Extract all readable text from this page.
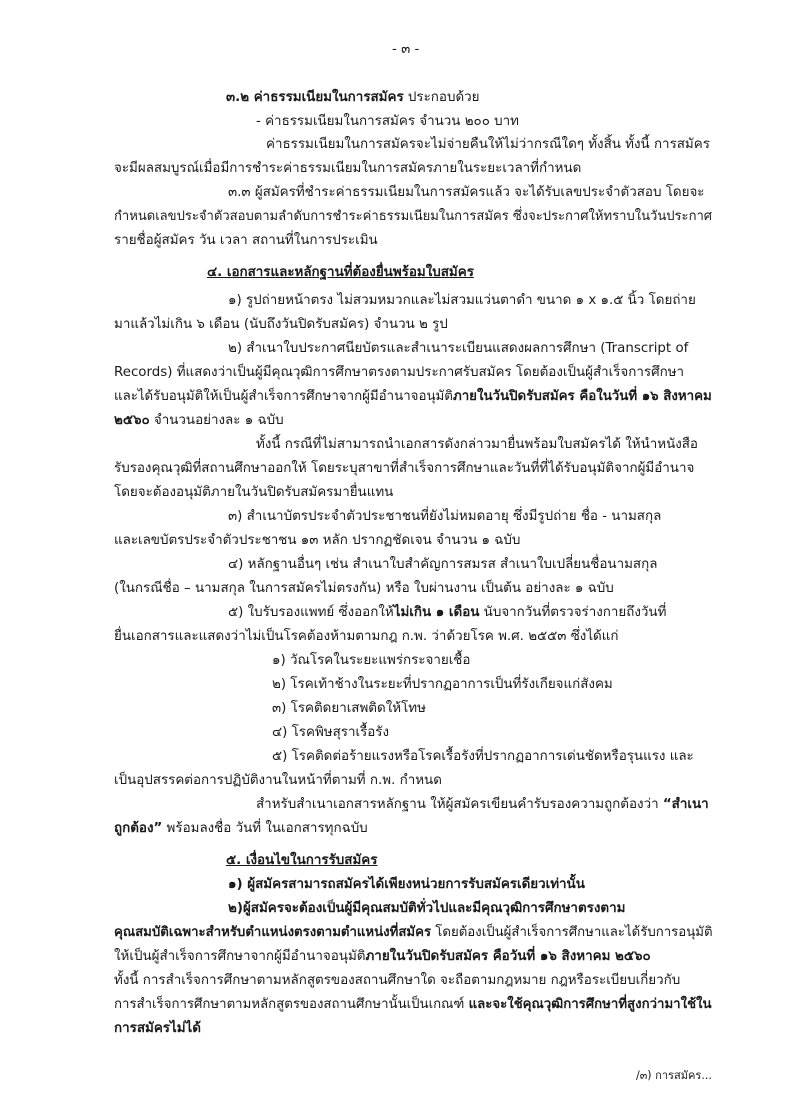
- ๓ -
๓.๒ ค่าธรรมเนียมในการสมัคร ประกอบด้วย
- ค่าธรรมเนียมในการสมัคร จำนวน ๒๐๐ บาท
ค่าธรรมเนียมในการสมัครจะไม่จ่ายคืนให้ไม่ว่ากรณีใดๆ ทั้งสิ้น ทั้งนี้ การสมัคร
จะมีผลสมบูรณ์เมื่อมีการชำระค่าธรรมเนียมในการสมัครภายในระยะเวลาที่กำหนด
๓.๓ ผู้สมัครที่ชำระค่าธรรมเนียมในการสมัครแล้ว จะได้รับเลขประจำตัวสอบ โดยจะ
กำหนดเลขประจำตัวสอบตามลำดับการชำระค่าธรรมเนียมในการสมัคร ซึ่งจะประกาศให้ทราบในวันประกาศ
รายชื่อผู้สมัคร วัน เวลา สถานที่ในการประเมิน
๔. เอกสารและหลักฐานที่ต้องยื่นพร้อมใบสมัคร
๑) รูปถ่ายหน้าตรง ไม่สวมหมวกและไม่สวมแว่นตาดำ ขนาด ๑ x ๑.๕ นิ้ว โดยถ่าย
มาแล้วไม่เกิน ๖ เดือน (นับถึงวันปิดรับสมัคร) จำนวน ๒ รูป
๒) สำเนาใบประกาศนียบัตรและสำเนาระเบียนแสดงผลการศึกษา (Transcript of
Records) ที่แสดงว่าเป็นผู้มีคุณวุฒิการศึกษาตรงตามประกาศรับสมัคร โดยต้องเป็นผู้สำเร็จการศึกษา
และได้รับอนุมัติให้เป็นผู้สำเร็จการศึกษาจากผู้มีอำนาจอนุมัติภายในวันปิดรับสมัคร คือในวันที่ ๑๖ สิงหาคม
๒๕๖๐ จำนวนอย่างละ ๑ ฉบับ
ทั้งนี้ กรณีที่ไม่สามารถนำเอกสารดังกล่าวมายื่นพร้อมใบสมัครได้ ให้นำหนังสือ
รับรองคุณวุฒิที่สถานศึกษาออกให้ โดยระบุสาขาที่สำเร็จการศึกษาและวันที่ที่ได้รับอนุมัติจากผู้มีอำนาจ
โดยจะต้องอนุมัติภายในวันปิดรับสมัครมายื่นแทน
๓) สำเนาบัตรประจำตัวประชาชนที่ยังไม่หมดอายุ ซึ่งมีรูปถ่าย ชื่อ - นามสกุล
และเลขบัตรประจำตัวประชาชน ๑๓ หลัก ปรากฏชัดเจน จำนวน ๑ ฉบับ
๔) หลักฐานอื่นๆ เช่น สำเนาใบสำคัญการสมรส สำเนาใบเปลี่ยนชื่อนามสกุล
(ในกรณีชื่อ – นามสกุล ในการสมัครไม่ตรงกัน) หรือ ใบผ่านงาน เป็นต้น อย่างละ ๑ ฉบับ
๕) ใบรับรองแพทย์ ซึ่งออกให้ไม่เกิน ๑ เดือน นับจากวันที่ตรวจร่างกายถึงวันที่
ยื่นเอกสารและแสดงว่าไม่เป็นโรคต้องห้ามตามกฎ ก.พ. ว่าด้วยโรค พ.ศ. ๒๕๕๓ ซึ่งได้แก่
๑) วัณโรคในระยะแพร่กระจายเชื้อ
๒) โรคเท้าช้างในระยะที่ปรากฏอาการเป็นที่รังเกียจแก่สังคม
๓) โรคติดยาเสพติดให้โทษ
๔) โรคพิษสุราเรื้อรัง
๕) โรคติดต่อร้ายแรงหรือโรคเรื้อรังที่ปรากฏอาการเด่นชัดหรือรุนแรง และ
เป็นอุปสรรคต่อการปฏิบัติงานในหน้าที่ตามที่ ก.พ. กำหนด
สำหรับสำเนาเอกสารหลักฐาน ให้ผู้สมัครเขียนคำรับรองความถูกต้องว่า “สำเนา
ถูกต้อง” พร้อมลงชื่อ วันที่ ในเอกสารทุกฉบับ
๕. เงื่อนไขในการรับสมัคร
๑) ผู้สมัครสามารถสมัครได้เพียงหน่วยการรับสมัครเดียวเท่านั้น
๒)ผู้สมัครจะต้องเป็นผู้มีคุณสมบัติทั่วไปและมีคุณวุฒิการศึกษาตรงตาม
คุณสมบัติเฉพาะสำหรับตำแหน่งตรงตามตำแหน่งที่สมัคร โดยต้องเป็นผู้สำเร็จการศึกษาและได้รับการอนุมัติ
ให้เป็นผู้สำเร็จการศึกษาจากผู้มีอำนาจอนุมัติภายในวันปิดรับสมัคร คือวันที่ ๑๖ สิงหาคม ๒๕๖๐
ทั้งนี้ การสำเร็จการศึกษาตามหลักสูตรของสถานศึกษาใด จะถือตามกฎหมาย กฎหรือระเบียบเกี่ยวกับ
การสำเร็จการศึกษาตามหลักสูตรของสถานศึกษานั้นเป็นเกณฑ์ และจะใช้คุณวุฒิการศึกษาที่สูงกว่ามาใช้ใน
การสมัครไม่ได้
/๓) การสมัคร...
